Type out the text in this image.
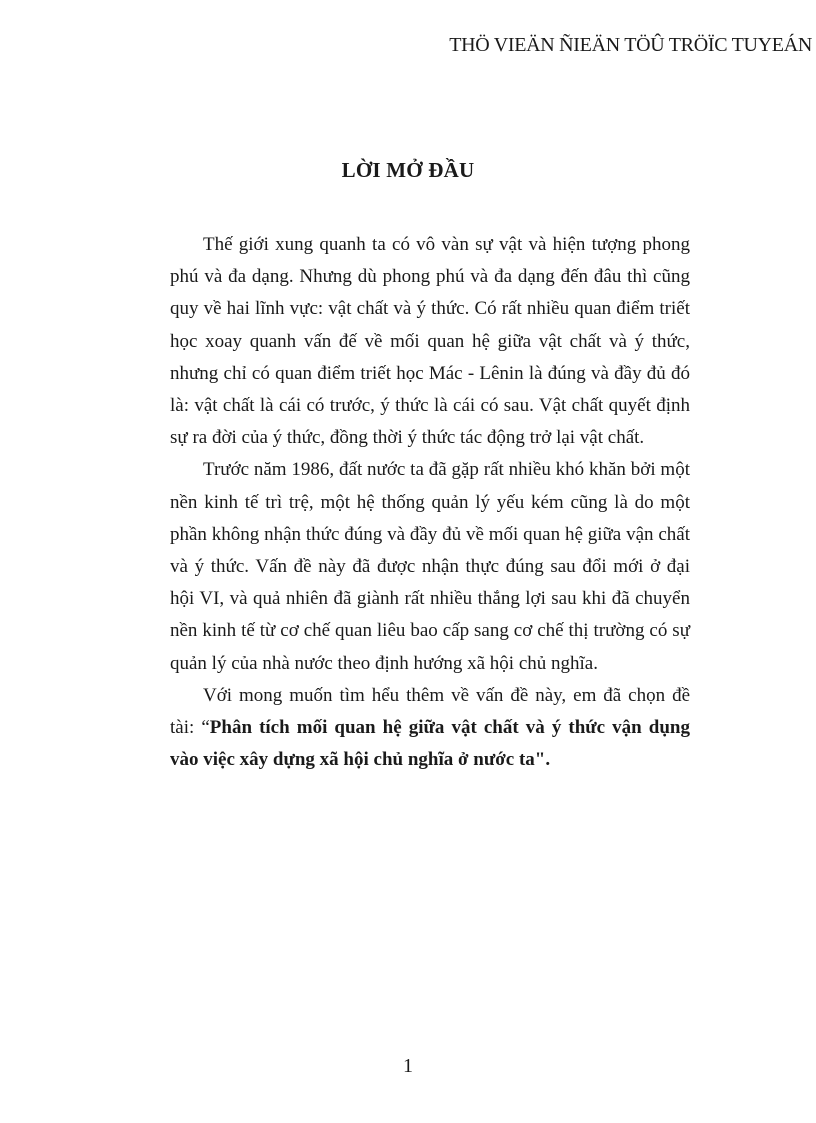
THÖ VIEÄN ÑIEÄN TÖÛ TRÖÏC TUYEÁN
LỜI MỞ ĐẦU

Thế giới xung quanh ta có vô vàn sự vật và hiện tượng phong phú và đa dạng. Nhưng dù phong phú và đa dạng đến đâu thì cũng quy về hai lĩnh vực: vật chất và ý thức. Có rất nhiều quan điểm triết học xoay quanh vấn đế về mối quan hệ giữa vật chất và ý thức, nhưng chỉ có quan điểm triết học Mác - Lênin là đúng và đầy đủ đó là: vật chất là cái có trước, ý thức là cái có sau. Vật chất quyết định sự ra đời của ý thức, đồng thời ý thức tác động trở lại vật chất.

Trước năm 1986, đất nước ta đã gặp rất nhiều khó khăn bởi một nền kinh tế trì trệ, một hệ thống quản lý yếu kém cũng là do một phần không nhận thức đúng và đầy đủ về mối quan hệ giữa vận chất và ý thức. Vấn đề này đã được nhận thực đúng sau đổi mới ở đại hội VI, và quả nhiên đã giành rất nhiều thắng lợi sau khi đã chuyển nền kinh tế từ cơ chế quan liêu bao cấp sang cơ chế thị trường có sự quản lý của nhà nước theo định hướng xã hội chủ nghĩa.

Với mong muốn tìm hểu thêm về vấn đề này, em đã chọn đề tài: “Phân tích mối quan hệ giữa vật chất và ý thức vận dụng vào việc xây dựng xã hội chủ nghĩa ở nước ta".

1
